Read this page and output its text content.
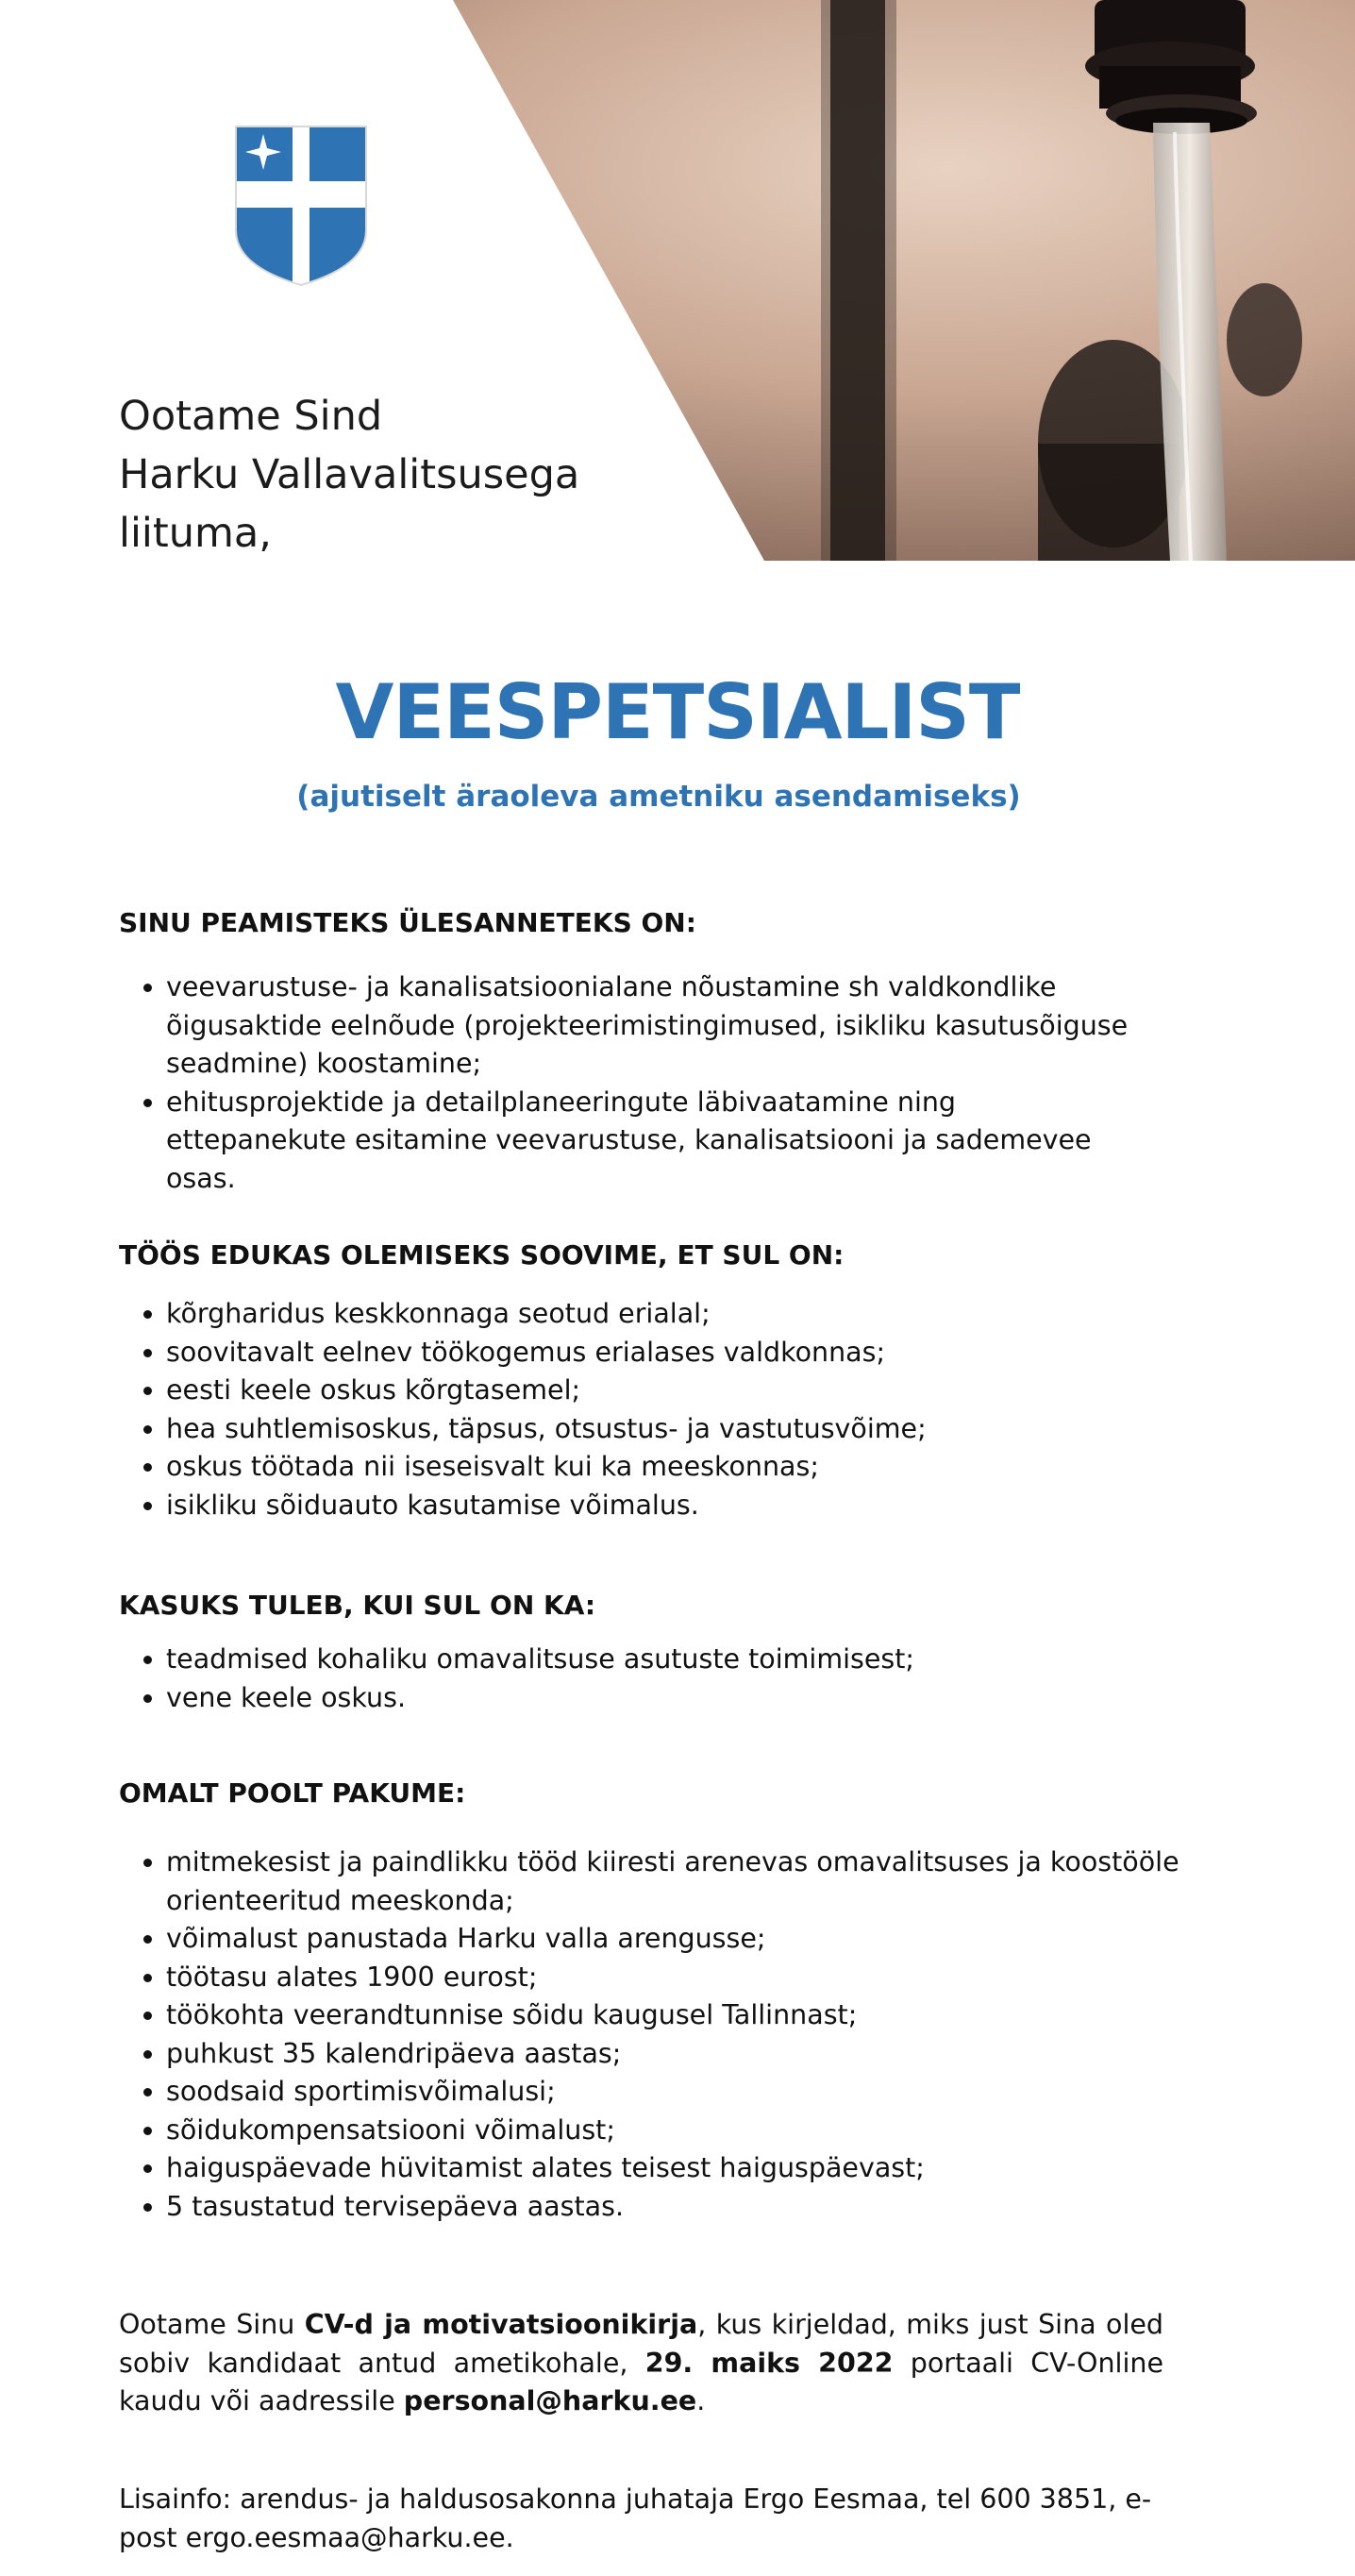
Ootame Sind
Harku Vallavalitsusega
liituma,
VEESPETSIALIST

(ajutiselt äraoleva ametniku asendamiseks)

SINU PEAMISTEKS ÜLESANNETEKS ON:
• veevarustuse- ja kanalisatsioonialane nõustamine sh valdkondlike õigusaktide eelnõude (projekteerimistingimused, isikliku kasutusõiguse seadmine) koostamine;
• ehitusprojektide ja detailplaneeringute läbivaatamine ning ettepanekute esitamine veevarustuse, kanalisatsiooni ja sademevee osas.
TÖÖS EDUKAS OLEMISEKS SOOVIME, ET SUL ON:
• kõrgharidus keskkonnaga seotud erialal;
• soovitavalt eelnev töökogemus erialases valdkonnas;
• eesti keele oskus kõrgtasemel;
• hea suhtlemisoskus, täpsus, otsustus- ja vastutusvõime;
• oskus töötada nii iseseisvalt kui ka meeskonnas;
• isikliku sõiduauto kasutamise võimalus.
KASUKS TULEB, KUI SUL ON KA:
• teadmised kohaliku omavalitsuse asutuste toimimisest;
• vene keele oskus.
OMALT POOLT PAKUME:
• mitmekesist ja paindlikku tööd kiiresti arenevas omavalitsuses ja koostööle orienteeritud meeskonda;
• võimalust panustada Harku valla arengusse;
• töötasu alates 1900 eurost;
• töökohta veerandtunnise sõidu kaugusel Tallinnast;
• puhkust 35 kalendripäeva aastas;
• soodsaid sportimisvõimalusi;
• sõidukompensatsiooni võimalust;
• haiguspäevade hüvitamist alates teisest haiguspäevast;
• 5 tasustatud tervisepäeva aastas.

Ootame Sinu CV-d ja motivatsioonikirja, kus kirjeldad, miks just Sina oled sobiv kandidaat antud ametikohale, 29. maiks 2022 portaali CV-Online kaudu või aadressile personal@harku.ee.

Lisainfo: arendus- ja haldusosakonna juhataja Ergo Eesmaa, tel 600 3851, e-post ergo.eesmaa@harku.ee.
